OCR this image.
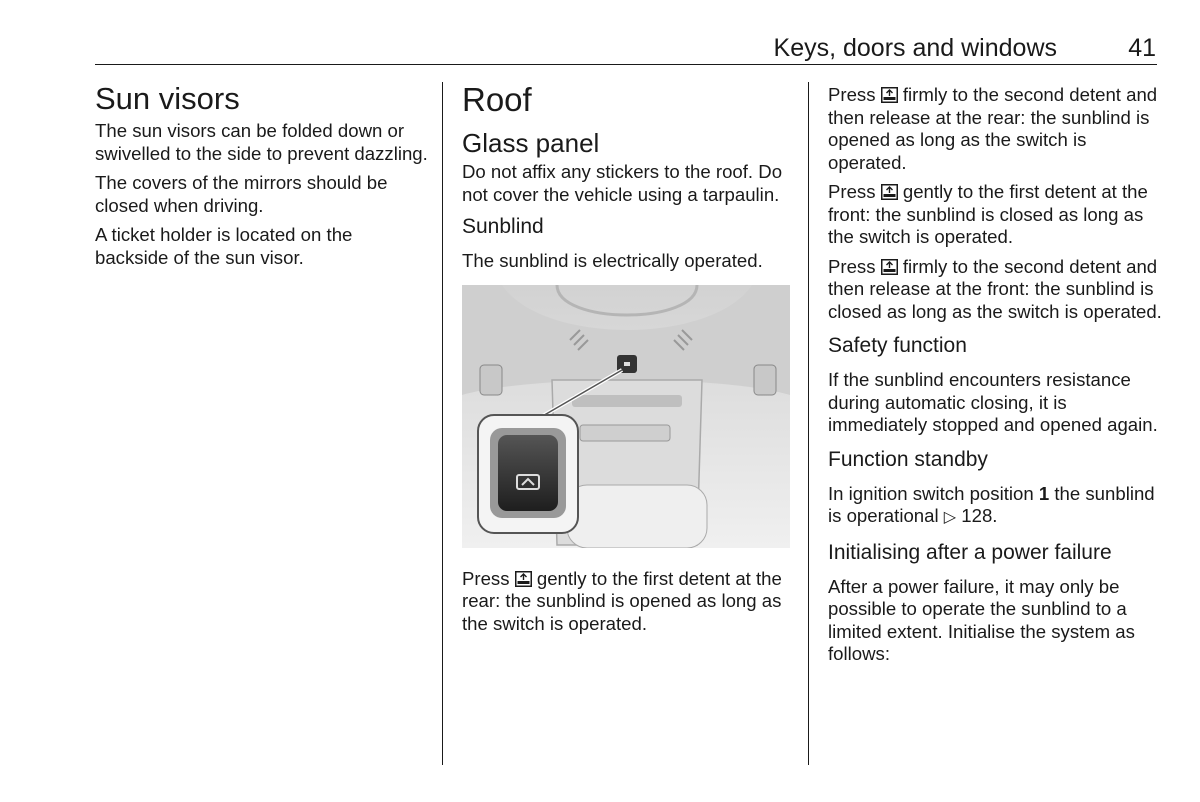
Keys, doors and windows	41
Sun visors

The sun visors can be folded down or swivelled to the side to prevent dazzling.

The covers of the mirrors should be closed when driving.

A ticket holder is located on the backside of the sun visor.

Roof
Glass panel

Do not affix any stickers to the roof. Do not cover the vehicle using a tarpaulin.

Sunblind

The sunblind is electrically operated.

Press gently to the first detent at the rear: the sunblind is opened as long as the switch is operated.

Press firmly to the second detent and then release at the rear: the sunblind is opened as long as the switch is operated.

Press gently to the first detent at the front: the sunblind is closed as long as the switch is operated.

Press firmly to the second detent and then release at the front: the sunblind is closed as long as the switch is operated.

Safety function

If the sunblind encounters resistance during automatic closing, it is immediately stopped and opened again.

Function standby

In ignition switch position 1 the sunblind is operational ▷ 128.

Initialising after a power failure

After a power failure, it may only be possible to operate the sunblind to a limited extent. Initialise the system as follows:
